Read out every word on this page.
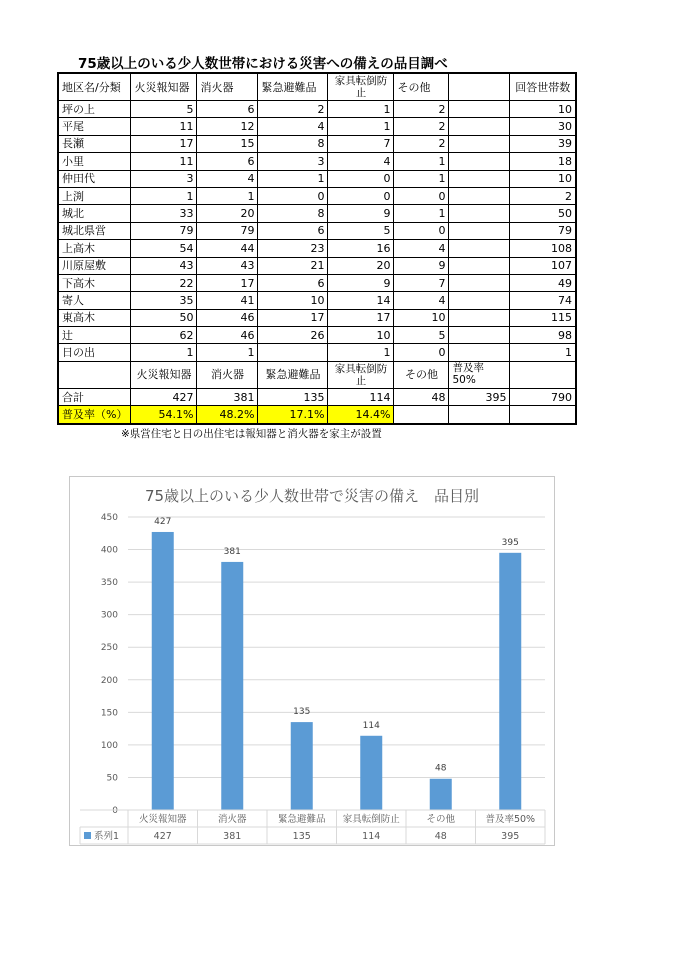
75歳以上のいる少人数世帯における災害への備えの品目調べ
地区名/分類	火災報知器	消火器	緊急避難品	家具転倒防止	その他		回答世帯数
坪の上	5	6	2	1	2		10
平尾	11	12	4	1	2		30
長瀬	17	15	8	7	2		39
小里	11	6	3	4	1		18
仲田代	3	4	1	0	1		10
上渕	1	1	0	0	0		2
城北	33	20	8	9	1		50
城北県営	79	79	6	5	0		79
上高木	54	44	23	16	4		108
川原屋敷	43	43	21	20	9		107
下高木	22	17	6	9	7		49
寄人	35	41	10	14	4		74
東高木	50	46	17	17	10		115
辻	62	46	26	10	5		98
日の出	1	1		1	0		1
	火災報知器	消火器	緊急避難品	家具転倒防止	その他	普及率50%	
合計	427	381	135	114	48	395	790
普及率（%）	54.1%	48.2%	17.1%	14.4%			
※県営住宅と日の出住宅は報知器と消火器を家主が設置
75歳以上のいる少人数世帯で災害の備え　品目別
0
50
100
150
200
250
300
350
400
450	427
381
135
114
48
395
火災報知器
427
消火器
381
緊急避難品
135
家具転倒防止
114
その他
48
普及率50%
395
系列1
